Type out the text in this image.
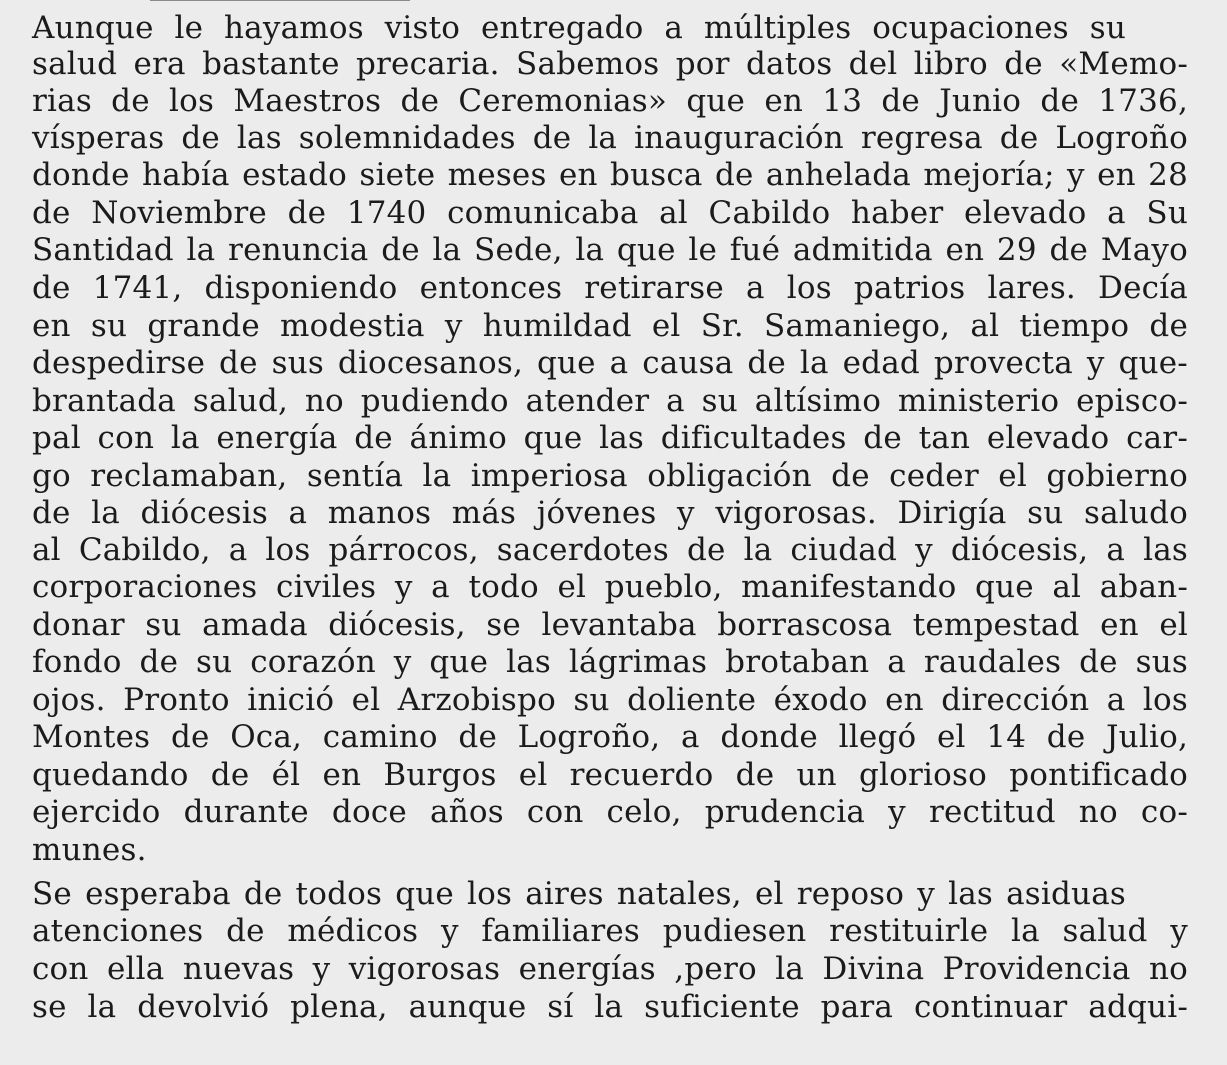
Aunque le hayamos visto entregado a múltiples ocupaciones su

salud era bastante precaria. Sabemos por datos del libro de «Memo-

rias de los Maestros de Ceremonias» que en 13 de Junio de 1736,

vísperas de las solemnidades de la inauguración regresa de Logroño

donde había estado siete meses en busca de anhelada mejoría; y en 28

de Noviembre de 1740 comunicaba al Cabildo haber elevado a Su

Santidad la renuncia de la Sede, la que le fué admitida en 29 de Mayo

de 1741, disponiendo entonces retirarse a los patrios lares. Decía

en su grande modestia y humildad el Sr. Samaniego, al tiempo de

despedirse de sus diocesanos, que a causa de la edad provecta y que-

brantada salud, no pudiendo atender a su altísimo ministerio episco-

pal con la energía de ánimo que las dificultades de tan elevado car-

go reclamaban, sentía la imperiosa obligación de ceder el gobierno

de la diócesis a manos más jóvenes y vigorosas. Dirigía su saludo

al Cabildo, a los párrocos, sacerdotes de la ciudad y diócesis, a las

corporaciones civiles y a todo el pueblo, manifestando que al aban-

donar su amada diócesis, se levantaba borrascosa tempestad en el

fondo de su corazón y que las lágrimas brotaban a raudales de sus

ojos. Pronto inició el Arzobispo su doliente éxodo en dirección a los

Montes de Oca, camino de Logroño, a donde llegó el 14 de Julio,

quedando de él en Burgos el recuerdo de un glorioso pontificado

ejercido durante doce años con celo, prudencia y rectitud no co-

munes.

Se esperaba de todos que los aires natales, el reposo y las asiduas

atenciones de médicos y familiares pudiesen restituirle la salud y

con ella nuevas y vigorosas energías ,pero la Divina Providencia no

se la devolvió plena, aunque sí la suficiente para continuar adqui-
